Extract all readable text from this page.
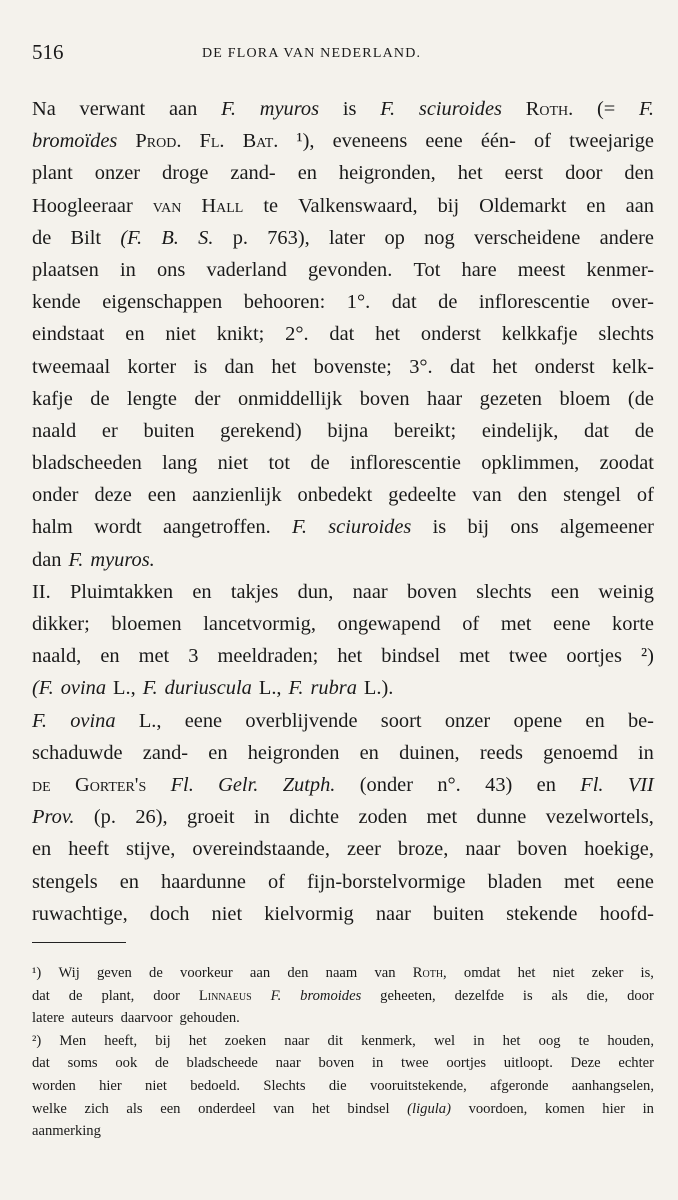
516	DE FLORA VAN NEDERLAND.
Na verwant aan F. myuros is F. sciuroides Roth. (= F.
bromoïdes Prod. Fl. Bat. ¹), eveneens eene één- of tweejarige
plant onzer droge zand- en heigronden, het eerst door den
Hoogleeraar van Hall te Valkenswaard, bij Oldemarkt en aan
de Bilt (F. B. S. p. 763), later op nog verscheidene andere
plaatsen in ons vaderland gevonden. Tot hare meest kenmer-
kende eigenschappen behooren: 1°. dat de inflorescentie over-
eindstaat en niet knikt; 2°. dat het onderst kelkkafje slechts
tweemaal korter is dan het bovenste; 3°. dat het onderst kelk-
kafje de lengte der onmiddellijk boven haar gezeten bloem (de
naald er buiten gerekend) bijna bereikt; eindelijk, dat de
bladscheeden lang niet tot de inflorescentie opklimmen, zoodat
onder deze een aanzienlijk onbedekt gedeelte van den stengel of
halm wordt aangetroffen. F. sciuroides is bij ons algemeener
dan F. myuros.
II. Pluimtakken en takjes dun, naar boven slechts een weinig
dikker; bloemen lancetvormig, ongewapend of met eene korte
naald, en met 3 meeldraden; het bindsel met twee oortjes ²)
(F. ovina L., F. duriuscula L., F. rubra L.).
F. ovina L., eene overblijvende soort onzer opene en be-
schaduwde zand- en heigronden en duinen, reeds genoemd in
de Gorter's Fl. Gelr. Zutph. (onder n°. 43) en Fl. VII
Prov. (p. 26), groeit in dichte zoden met dunne vezelwortels,
en heeft stijve, overeindstaande, zeer broze, naar boven hoekige,
stengels en haardunne of fijn-borstelvormige bladen met eene
ruwachtige, doch niet kielvormig naar buiten stekende hoofd-
¹) Wij geven de voorkeur aan den naam van Roth, omdat het niet zeker is,
dat de plant, door Linnaeus F. bromoides geheeten, dezelfde is als die, door
latere auteurs daarvoor gehouden.
²) Men heeft, bij het zoeken naar dit kenmerk, wel in het oog te houden,
dat soms ook de bladscheede naar boven in twee oortjes uitloopt. Deze echter
worden hier niet bedoeld. Slechts die vooruitstekende, afgeronde aanhangselen,
welke zich als een onderdeel van het bindsel (ligula) voordoen, komen hier in
aanmerking
